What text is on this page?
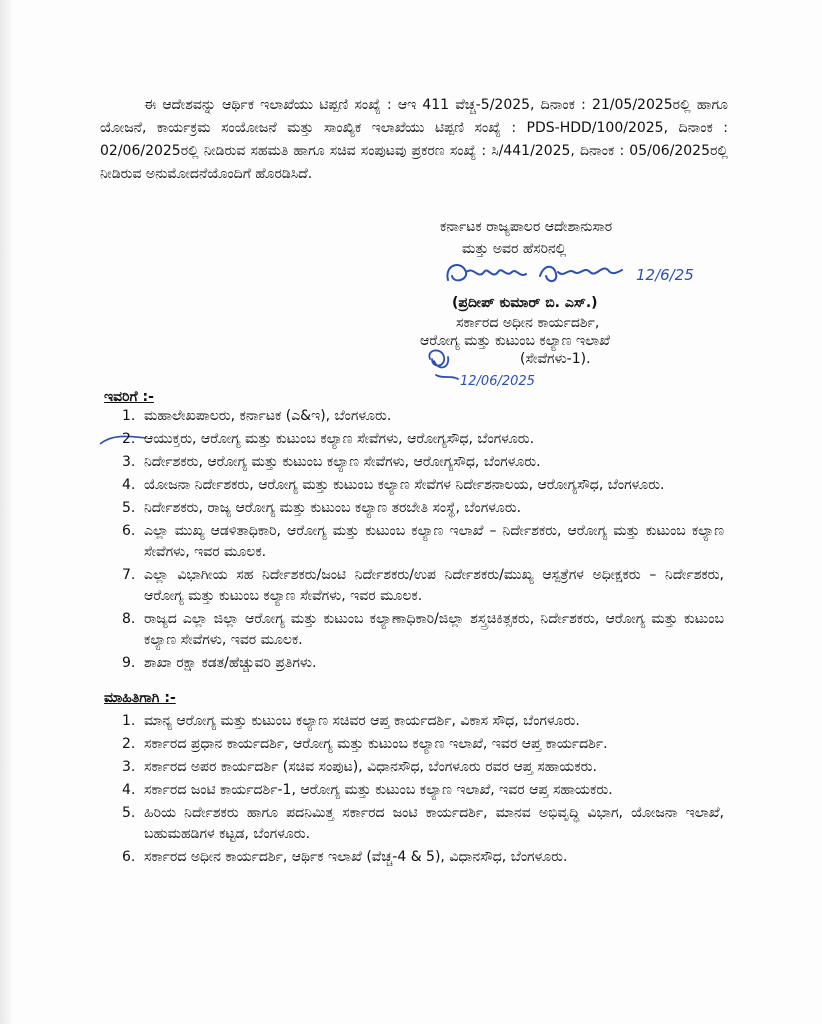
ಈ ಆದೇಶವನ್ನು ಆರ್ಥಿಕ ಇಲಾಖೆಯು ಟಿಪ್ಪಣಿ ಸಂಖ್ಯೆ : ಆಇ 411 ವೆಚ್ಚ-5/2025, ದಿನಾಂಕ : 21/05/2025ರಲ್ಲಿ ಹಾಗೂ ಯೋಜನೆ, ಕಾರ್ಯಕ್ರಮ ಸಂಯೋಜನೆ ಮತ್ತು ಸಾಂಖ್ಯಿಕ ಇಲಾಖೆಯು ಟಿಪ್ಪಣಿ ಸಂಖ್ಯೆ : PDS-HDD/100/2025, ದಿನಾಂಕ : 02/06/2025ರಲ್ಲಿ ನೀಡಿರುವ ಸಹಮತಿ ಹಾಗೂ ಸಚಿವ ಸಂಪುಟವು ಪ್ರಕರಣ ಸಂಖ್ಯೆ : ಸಿ/441/2025, ದಿನಾಂಕ : 05/06/2025ರಲ್ಲಿ ನೀಡಿರುವ ಅನುಮೋದನೆಯೊಂದಿಗೆ ಹೊರಡಿಸಿದೆ.

ಕರ್ನಾಟಕ ರಾಜ್ಯಪಾಲರ ಆದೇಶಾನುಸಾರ
ಮತ್ತು ಅವರ ಹೆಸರಿನಲ್ಲಿ
12/6/25
(ಪ್ರದೀಪ್ ಕುಮಾರ್ ಬಿ. ಎಸ್.)
ಸರ್ಕಾರದ ಅಧೀನ ಕಾರ್ಯದರ್ಶಿ,
ಆರೋಗ್ಯ ಮತ್ತು ಕುಟುಂಬ ಕಲ್ಯಾಣ ಇಲಾಖೆ
(ಸೇವೆಗಳು-1).
12/06/2025
ಇವರಿಗೆ :-
1. ಮಹಾಲೇಖಪಾಲರು, ಕರ್ನಾಟಕ (ಎ&ಇ), ಬೆಂಗಳೂರು.
2. ಆಯುಕ್ತರು, ಆರೋಗ್ಯ ಮತ್ತು ಕುಟುಂಬ ಕಲ್ಯಾಣ ಸೇವೆಗಳು, ಆರೋಗ್ಯಸೌಧ, ಬೆಂಗಳೂರು.
3. ನಿರ್ದೇಶಕರು, ಆರೋಗ್ಯ ಮತ್ತು ಕುಟುಂಬ ಕಲ್ಯಾಣ ಸೇವೆಗಳು, ಆರೋಗ್ಯಸೌಧ, ಬೆಂಗಳೂರು.
4. ಯೋಜನಾ ನಿರ್ದೇಶಕರು, ಆರೋಗ್ಯ ಮತ್ತು ಕುಟುಂಬ ಕಲ್ಯಾಣ ಸೇವೆಗಳ ನಿರ್ದೇಶನಾಲಯ, ಆರೋಗ್ಯಸೌಧ, ಬೆಂಗಳೂರು.
5. ನಿರ್ದೇಶಕರು, ರಾಜ್ಯ ಆರೋಗ್ಯ ಮತ್ತು ಕುಟುಂಬ ಕಲ್ಯಾಣ ತರಬೇತಿ ಸಂಸ್ಥೆ, ಬೆಂಗಳೂರು.
6. ಎಲ್ಲಾ ಮುಖ್ಯ ಆಡಳಿತಾಧಿಕಾರಿ, ಆರೋಗ್ಯ ಮತ್ತು ಕುಟುಂಬ ಕಲ್ಯಾಣ ಇಲಾಖೆ – ನಿರ್ದೇಶಕರು, ಆರೋಗ್ಯ ಮತ್ತು ಕುಟುಂಬ ಕಲ್ಯಾಣ ಸೇವೆಗಳು, ಇವರ ಮೂಲಕ.
7. ಎಲ್ಲಾ ವಿಭಾಗೀಯ ಸಹ ನಿರ್ದೇಶಕರು/ಜಂಟಿ ನಿರ್ದೇಶಕರು/ಉಪ ನಿರ್ದೇಶಕರು/ಮುಖ್ಯ ಆಸ್ಪತ್ರೆಗಳ ಅಧೀಕ್ಷಕರು – ನಿರ್ದೇಶಕರು, ಆರೋಗ್ಯ ಮತ್ತು ಕುಟುಂಬ ಕಲ್ಯಾಣ ಸೇವೆಗಳು, ಇವರ ಮೂಲಕ.
8. ರಾಜ್ಯದ ಎಲ್ಲಾ ಜಿಲ್ಲಾ ಆರೋಗ್ಯ ಮತ್ತು ಕುಟುಂಬ ಕಲ್ಯಾಣಾಧಿಕಾರಿ/ಜಿಲ್ಲಾ ಶಸ್ತ್ರಚಿಕಿತ್ಸಕರು, ನಿರ್ದೇಶಕರು, ಆರೋಗ್ಯ ಮತ್ತು ಕುಟುಂಬ ಕಲ್ಯಾಣ ಸೇವೆಗಳು, ಇವರ ಮೂಲಕ.
9. ಶಾಖಾ ರಕ್ಷಾ ಕಡತ/ಹೆಚ್ಚುವರಿ ಪ್ರತಿಗಳು.
ಮಾಹಿತಿಗಾಗಿ :-
1. ಮಾನ್ಯ ಆರೋಗ್ಯ ಮತ್ತು ಕುಟುಂಬ ಕಲ್ಯಾಣ ಸಚಿವರ ಆಪ್ತ ಕಾರ್ಯದರ್ಶಿ, ವಿಕಾಸ ಸೌಧ, ಬೆಂಗಳೂರು.
2. ಸರ್ಕಾರದ ಪ್ರಧಾನ ಕಾರ್ಯದರ್ಶಿ, ಆರೋಗ್ಯ ಮತ್ತು ಕುಟುಂಬ ಕಲ್ಯಾಣ ಇಲಾಖೆ, ಇವರ ಆಪ್ತ ಕಾರ್ಯದರ್ಶಿ.
3. ಸರ್ಕಾರದ ಅಪರ ಕಾರ್ಯದರ್ಶಿ (ಸಚಿವ ಸಂಪುಟ), ವಿಧಾನಸೌಧ, ಬೆಂಗಳೂರು ರವರ ಆಪ್ತ ಸಹಾಯಕರು.
4. ಸರ್ಕಾರದ ಜಂಟಿ ಕಾರ್ಯದರ್ಶಿ-1, ಆರೋಗ್ಯ ಮತ್ತು ಕುಟುಂಬ ಕಲ್ಯಾಣ ಇಲಾಖೆ, ಇವರ ಆಪ್ತ ಸಹಾಯಕರು.
5. ಹಿರಿಯ ನಿರ್ದೇಶಕರು ಹಾಗೂ ಪದನಿಮಿತ್ತ ಸರ್ಕಾರದ ಜಂಟಿ ಕಾರ್ಯದರ್ಶಿ, ಮಾನವ ಅಭಿವೃದ್ಧಿ ವಿಭಾಗ, ಯೋಜನಾ ಇಲಾಖೆ, ಬಹುಮಹಡಿಗಳ ಕಟ್ಟಡ, ಬೆಂಗಳೂರು.
6. ಸರ್ಕಾರದ ಅಧೀನ ಕಾರ್ಯದರ್ಶಿ, ಆರ್ಥಿಕ ಇಲಾಖೆ (ವೆಚ್ಚ-4 & 5), ವಿಧಾನಸೌಧ, ಬೆಂಗಳೂರು.
